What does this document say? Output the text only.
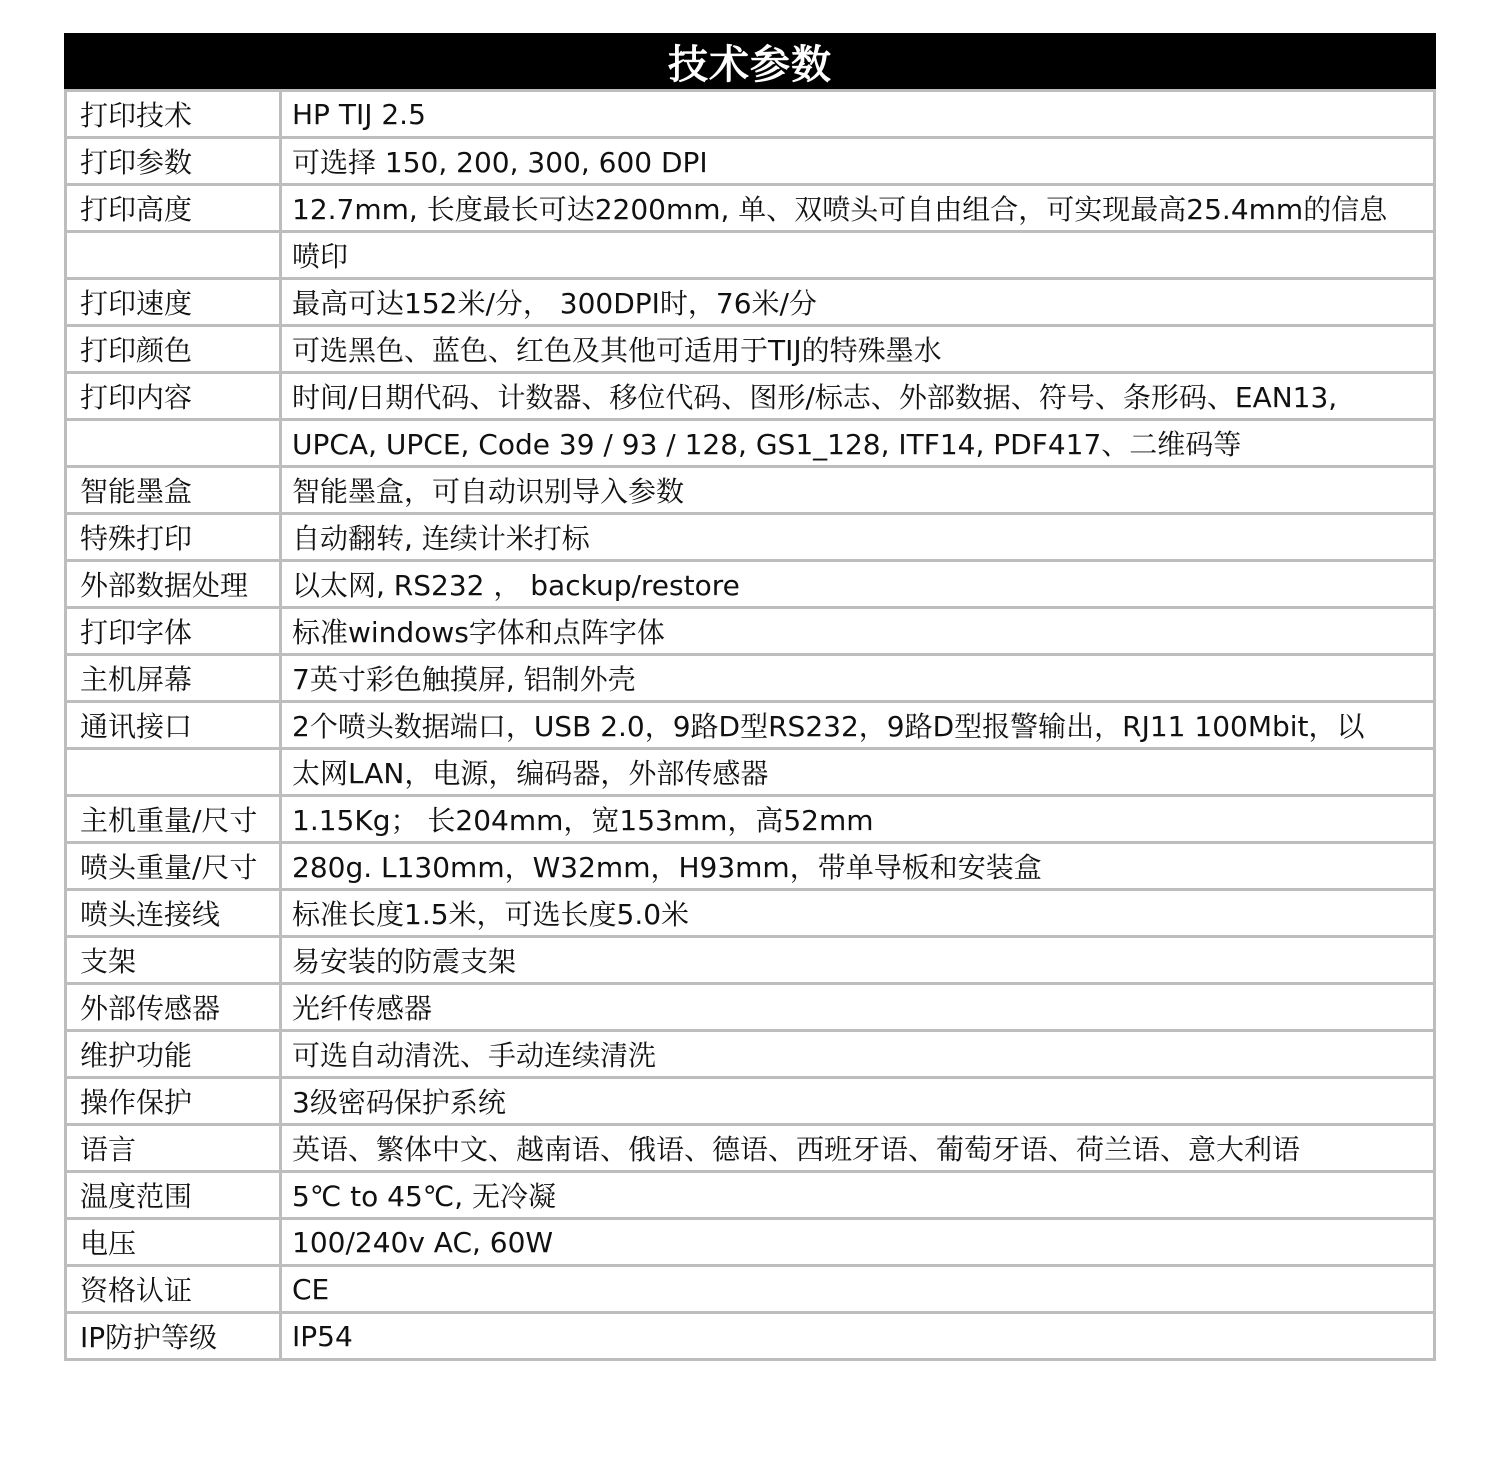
技术参数
打印技术	HP TIJ 2.5
打印参数	可选择 150, 200, 300, 600 DPI
打印高度	12.7mm, 长度最长可达2200mm, 单、双喷头可自由组合，可实现最高25.4mm的信息
	喷印
打印速度	最高可达152米/分， 300DPI时，76米/分
打印颜色	可选黑色、蓝色、红色及其他可适用于TIJ的特殊墨水
打印内容	时间/日期代码、计数器、移位代码、图形/标志、外部数据、符号、条形码、EAN13,
	UPCA, UPCE, Code 39 / 93 / 128, GS1_128, ITF14, PDF417、二维码等
智能墨盒	智能墨盒，可自动识别导入参数
特殊打印	自动翻转, 连续计米打标
外部数据处理	以太网, RS232 ， backup/restore
打印字体	标准windows字体和点阵字体
主机屏幕	7英寸彩色触摸屏, 铝制外壳
通讯接口	2个喷头数据端口，USB 2.0，9路D型RS232，9路D型报警输出，RJ11 100Mbit，以
	太网LAN，电源，编码器，外部传感器
主机重量/尺寸	1.15Kg； 长204mm，宽153mm，高52mm
喷头重量/尺寸	280g. L130mm，W32mm，H93mm，带单导板和安装盒
喷头连接线	标准长度1.5米，可选长度5.0米
支架	易安装的防震支架
外部传感器	光纤传感器
维护功能	可选自动清洗、手动连续清洗
操作保护	3级密码保护系统
语言	英语、繁体中文、越南语、俄语、德语、西班牙语、葡萄牙语、荷兰语、意大利语
温度范围	5℃ to 45℃, 无冷凝
电压	100/240v AC, 60W
资格认证	CE
IP防护等级	IP54
